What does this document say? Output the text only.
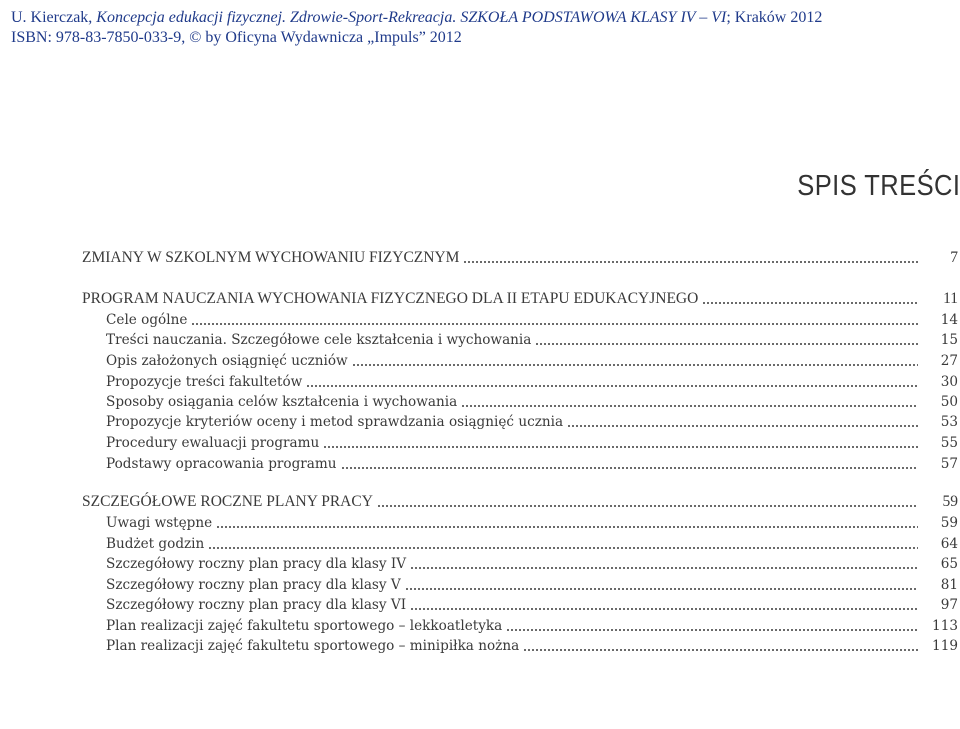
U. Kierczak, Koncepcja edukacji fizycznej. Zdrowie-Sport-Rekreacja. SZKOŁA PODSTAWOWA KLASY IV – VI; Kraków 2012
ISBN: 978-83-7850-033-9, © by Oficyna Wydawnicza „Impuls” 2012
SPIS TREŚCI
ZMIANY W SZKOLNYM WYCHOWANIU FIZYCZNYM	7
PROGRAM NAUCZANIA WYCHOWANIA FIZYCZNEGO DLA II ETAPU EDUKACYJNEGO	11
Cele ogólne	14
Treści nauczania. Szczegółowe cele kształcenia i wychowania	15
Opis założonych osiągnięć uczniów	27
Propozycje treści fakultetów	30
Sposoby osiągania celów kształcenia i wychowania	50
Propozycje kryteriów oceny i metod sprawdzania osiągnięć ucznia	53
Procedury ewaluacji programu	55
Podstawy opracowania programu	57
SZCZEGÓŁOWE ROCZNE PLANY PRACY	59
Uwagi wstępne	59
Budżet godzin	64
Szczegółowy roczny plan pracy dla klasy IV	65
Szczegółowy roczny plan pracy dla klasy V	81
Szczegółowy roczny plan pracy dla klasy VI	97
Plan realizacji zajęć fakultetu sportowego – lekkoatletyka	113
Plan realizacji zajęć fakultetu sportowego – minipiłka nożna	119
